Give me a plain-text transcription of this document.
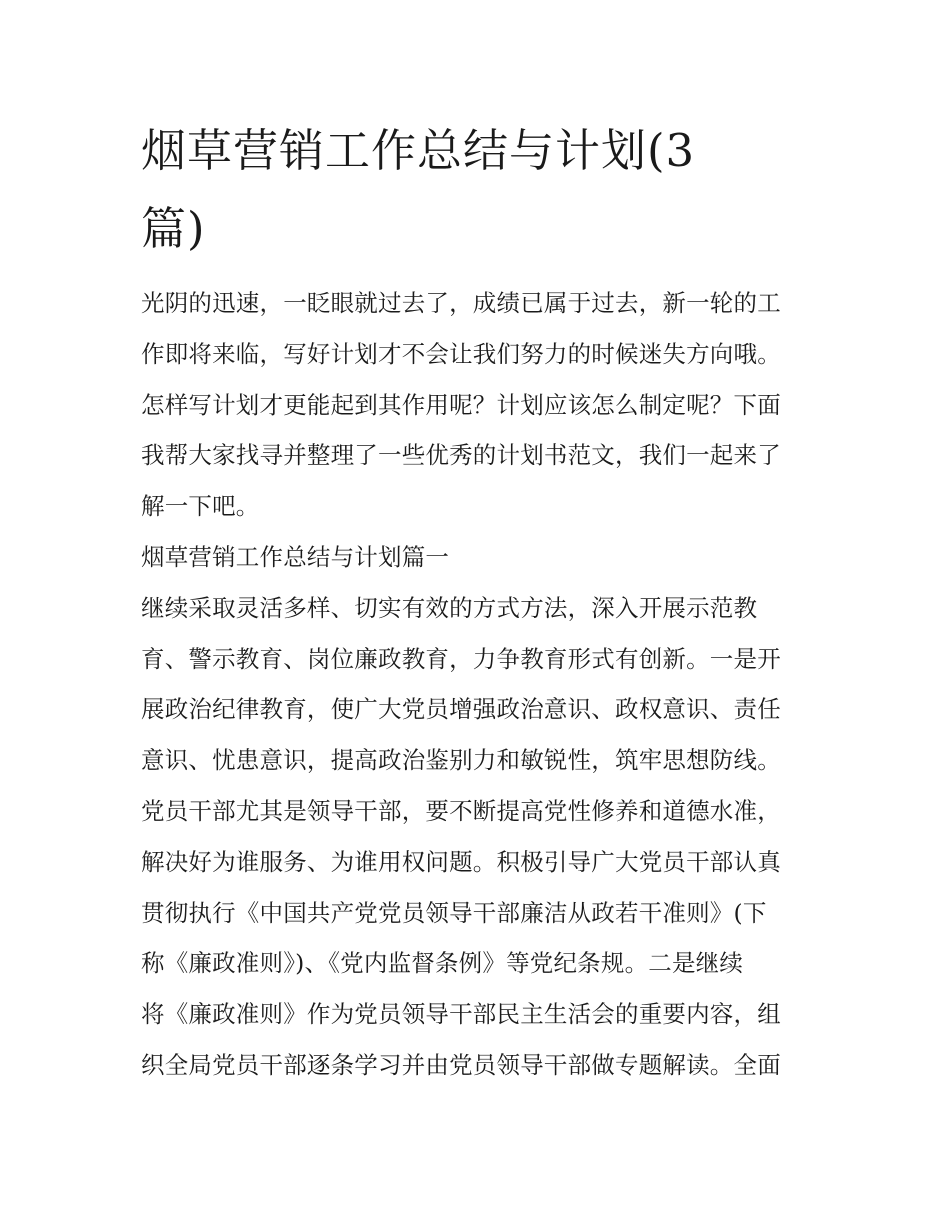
烟草营销工作总结与计划(3
篇)
光阴的迅速，一眨眼就过去了，成绩已属于过去，新一轮的工
作即将来临，写好计划才不会让我们努力的时候迷失方向哦。
怎样写计划才更能起到其作用呢？计划应该怎么制定呢？下面
我帮大家找寻并整理了一些优秀的计划书范文，我们一起来了
解一下吧。
烟草营销工作总结与计划篇一
继续采取灵活多样、切实有效的方式方法，深入开展示范教
育、警示教育、岗位廉政教育，力争教育形式有创新。一是开
展政治纪律教育，使广大党员增强政治意识、政权意识、责任
意识、忧患意识，提高政治鉴别力和敏锐性，筑牢思想防线。
党员干部尤其是领导干部，要不断提高党性修养和道德水准，
解决好为谁服务、为谁用权问题。积极引导广大党员干部认真
贯彻执行《中国共产党党员领导干部廉洁从政若干准则》(下
称《廉政准则》)、《党内监督条例》等党纪条规。二是继续
将《廉政准则》作为党员领导干部民主生活会的重要内容，组
织全局党员干部逐条学习并由党员领导干部做专题解读。全面
